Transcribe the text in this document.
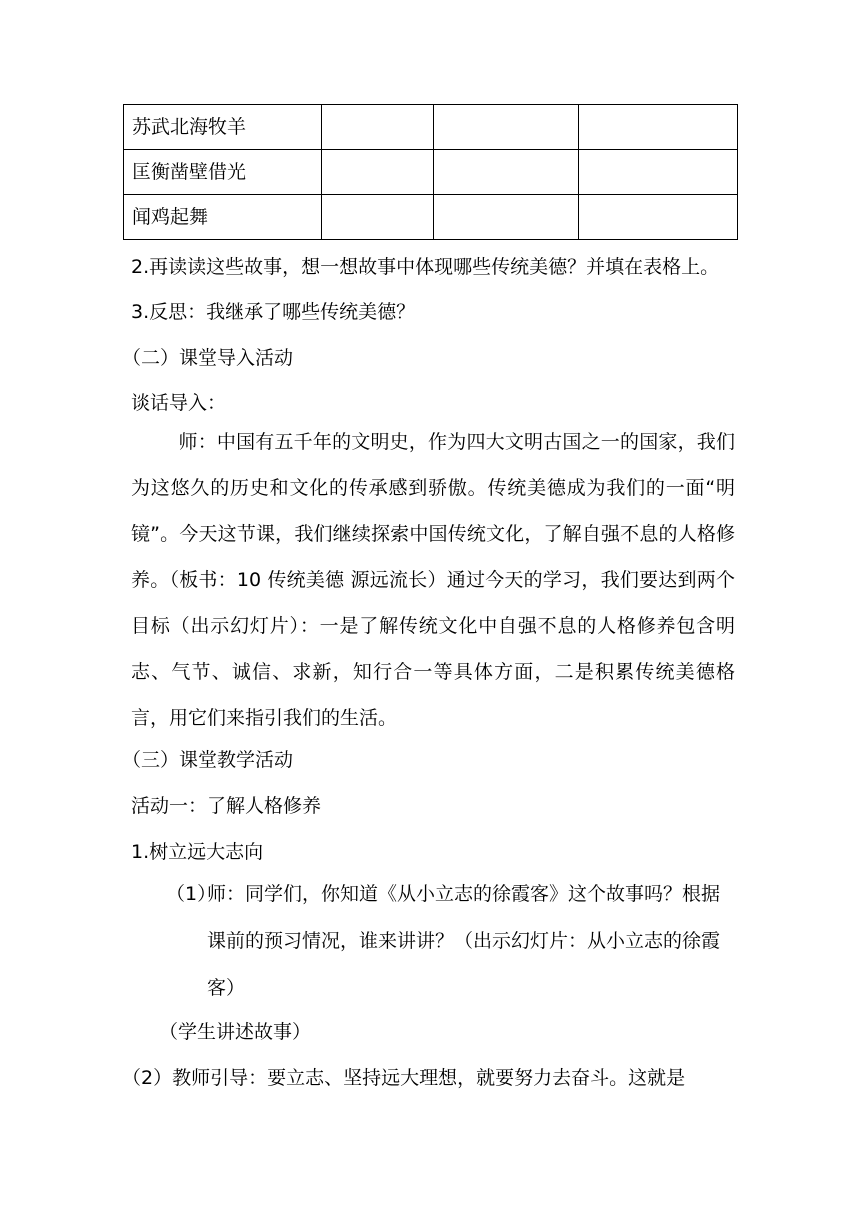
苏武北海牧羊			
匡衡凿壁借光			
闻鸡起舞			
2.再读读这些故事，想一想故事中体现哪些传统美德？并填在表格上。
3.反思：我继承了哪些传统美德？
（二）课堂导入活动
谈话导入：
师：中国有五千年的文明史，作为四大文明古国之一的国家，我们为这悠久的历史和文化的传承感到骄傲。传统美德成为我们的一面“明镜”。今天这节课，我们继续探索中国传统文化，了解自强不息的人格修养。（板书：10 传统美德 源远流长）通过今天的学习，我们要达到两个目标（出示幻灯片）：一是了解传统文化中自强不息的人格修养包含明志、气节、诚信、求新，知行合一等具体方面，二是积累传统美德格言，用它们来指引我们的生活。
（三）课堂教学活动
活动一：了解人格修养
1.树立远大志向
（1）
师：同学们，你知道《从小立志的徐霞客》这个故事吗？根据课前的预习情况，谁来讲讲？（出示幻灯片：从小立志的徐霞客）
（学生讲述故事）
（2）教师引导：要立志、坚持远大理想，就要努力去奋斗。这就是
